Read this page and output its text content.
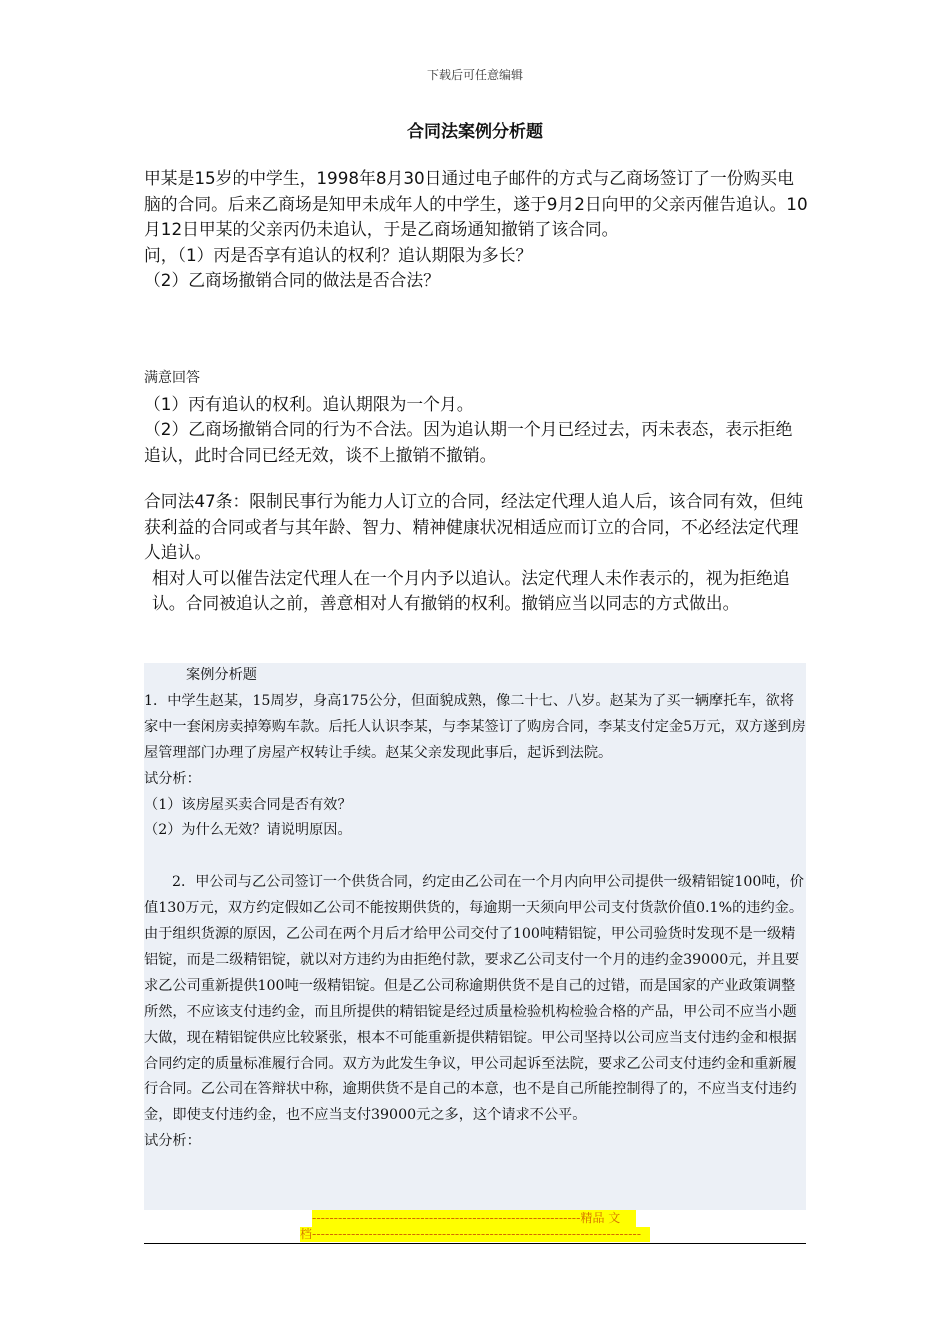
下载后可任意编辑
合同法案例分析题

甲某是15岁的中学生，1998年8月30日通过电子邮件的方式与乙商场签订了一份购买电脑的合同。后来乙商场是知甲未成年人的中学生，遂于9月2日向甲的父亲丙催告追认。10月12日甲某的父亲丙仍未追认，于是乙商场通知撤销了该合同。

问，（1）丙是否享有追认的权利？追认期限为多长？

（2）乙商场撤销合同的做法是否合法？

满意回答

（1）丙有追认的权利。追认期限为一个月。

（2）乙商场撤销合同的行为不合法。因为追认期一个月已经过去，丙未表态，表示拒绝追认，此时合同已经无效，谈不上撤销不撤销。

合同法47条：限制民事行为能力人订立的合同，经法定代理人追人后，该合同有效，但纯获利益的合同或者与其年龄、智力、精神健康状况相适应而订立的合同，不必经法定代理人追认。

相对人可以催告法定代理人在一个月内予以追认。法定代理人未作表示的，视为拒绝追认。合同被追认之前，善意相对人有撤销的权利。撤销应当以同志的方式做出。

案例分析题

1．中学生赵某，15周岁，身高175公分，但面貌成熟，像二十七、八岁。赵某为了买一辆摩托车，欲将家中一套闲房卖掉筹购车款。后托人认识李某，与李某签订了购房合同，李某支付定金5万元，双方遂到房屋管理部门办理了房屋产权转让手续。赵某父亲发现此事后，起诉到法院。

试分析：

（1）该房屋买卖合同是否有效？

（2）为什么无效？请说明原因。

2．甲公司与乙公司签订一个供货合同，约定由乙公司在一个月内向甲公司提供一级精铝锭100吨，价值130万元，双方约定假如乙公司不能按期供货的，每逾期一天须向甲公司支付货款价值0.1%的违约金。由于组织货源的原因，乙公司在两个月后才给甲公司交付了100吨精铝锭，甲公司验货时发现不是一级精铝锭，而是二级精铝锭，就以对方违约为由拒绝付款，要求乙公司支付一个月的违约金39000元，并且要求乙公司重新提供100吨一级精铝锭。但是乙公司称逾期供货不是自己的过错，而是国家的产业政策调整所然，不应该支付违约金，而且所提供的精铝锭是经过质量检验机构检验合格的产品，甲公司不应当小题大做，现在精铝锭供应比较紧张，根本不可能重新提供精铝锭。甲公司坚持以公司应当支付违约金和根据合同约定的质量标准履行合同。双方为此发生争议，甲公司起诉至法院，要求乙公司支付违约金和重新履行合同。乙公司在答辩状中称，逾期供货不是自己的本意，也不是自己所能控制得了的，不应当支付违约金，即使支付违约金，也不应当支付39000元之多，这个请求不公平。

试分析：

--------------------------------------------------------------精品 文
档----------------------------------------------------------------------------
